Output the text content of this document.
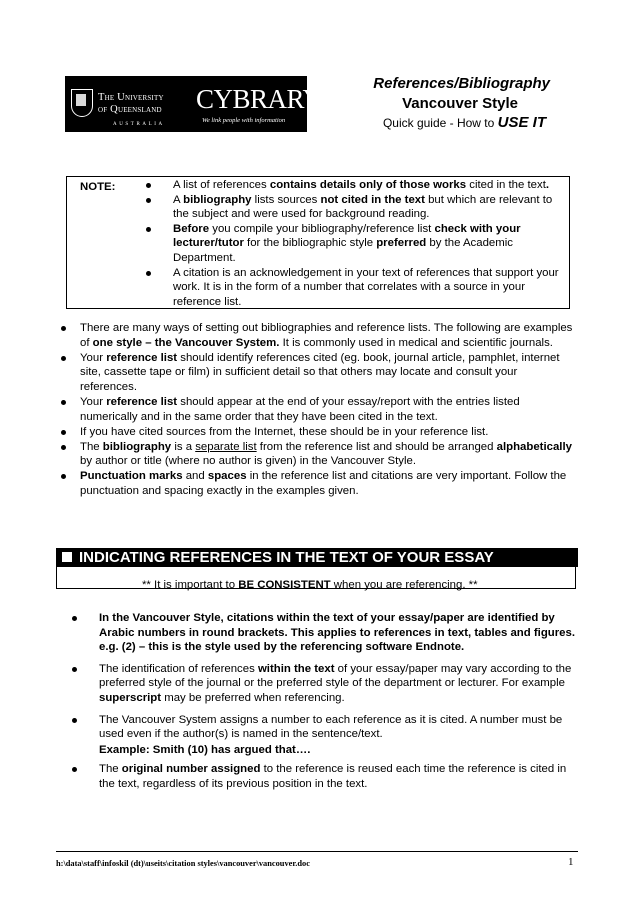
The University
of Queensland
AUSTRALIA
CYBRARY
We link people with information
References/Bibliography
Vancouver Style
Quick guide - How to USE IT
NOTE:	A list of references contains details only of those works cited in the text.
A bibliography lists sources not cited in the text but which are relevant to the subject and were used for background reading.
Before you compile your bibliography/reference list check with your lecturer/tutor for the bibliographic style preferred by the Academic Department.
A citation is an acknowledgement in your text of references that support your work. It is in the form of a number that correlates with a source in your reference list.
There are many ways of setting out bibliographies and reference lists. The following are examples of one style – the Vancouver System. It is commonly used in medical and scientific journals.
Your reference list should identify references cited (eg. book, journal article, pamphlet, internet site, cassette tape or film) in sufficient detail so that others may locate and consult your references.
Your reference list should appear at the end of your essay/report with the entries listed numerically and in the same order that they have been cited in the text.
If you have cited sources from the Internet, these should be in your reference list.
The bibliography is a separate list from the reference list and should be arranged alphabetically by author or title (where no author is given) in the Vancouver Style.
Punctuation marks and spaces in the reference list and citations are very important. Follow the punctuation and spacing exactly in the examples given.
INDICATING REFERENCES IN THE TEXT OF YOUR ESSAY
** It is important to BE CONSISTENT when you are referencing. **
In the Vancouver Style, citations within the text of your essay/paper are identified by Arabic numbers in round brackets. This applies to references in text, tables and figures. e.g. (2) – this is the style used by the referencing software Endnote.
The identification of references within the text of your essay/paper may vary according to the preferred style of the journal or the preferred style of the department or lecturer. For example superscript may be preferred when referencing.
The Vancouver System assigns a number to each reference as it is cited. A number must be used even if the author(s) is named in the sentence/text.
Example: Smith (10) has argued that….
The original number assigned to the reference is reused each time the reference is cited in the text, regardless of its previous position in the text.
h:\data\staff\infoskil (dt)\useits\citation styles\vancouver\vancouver.doc	1
